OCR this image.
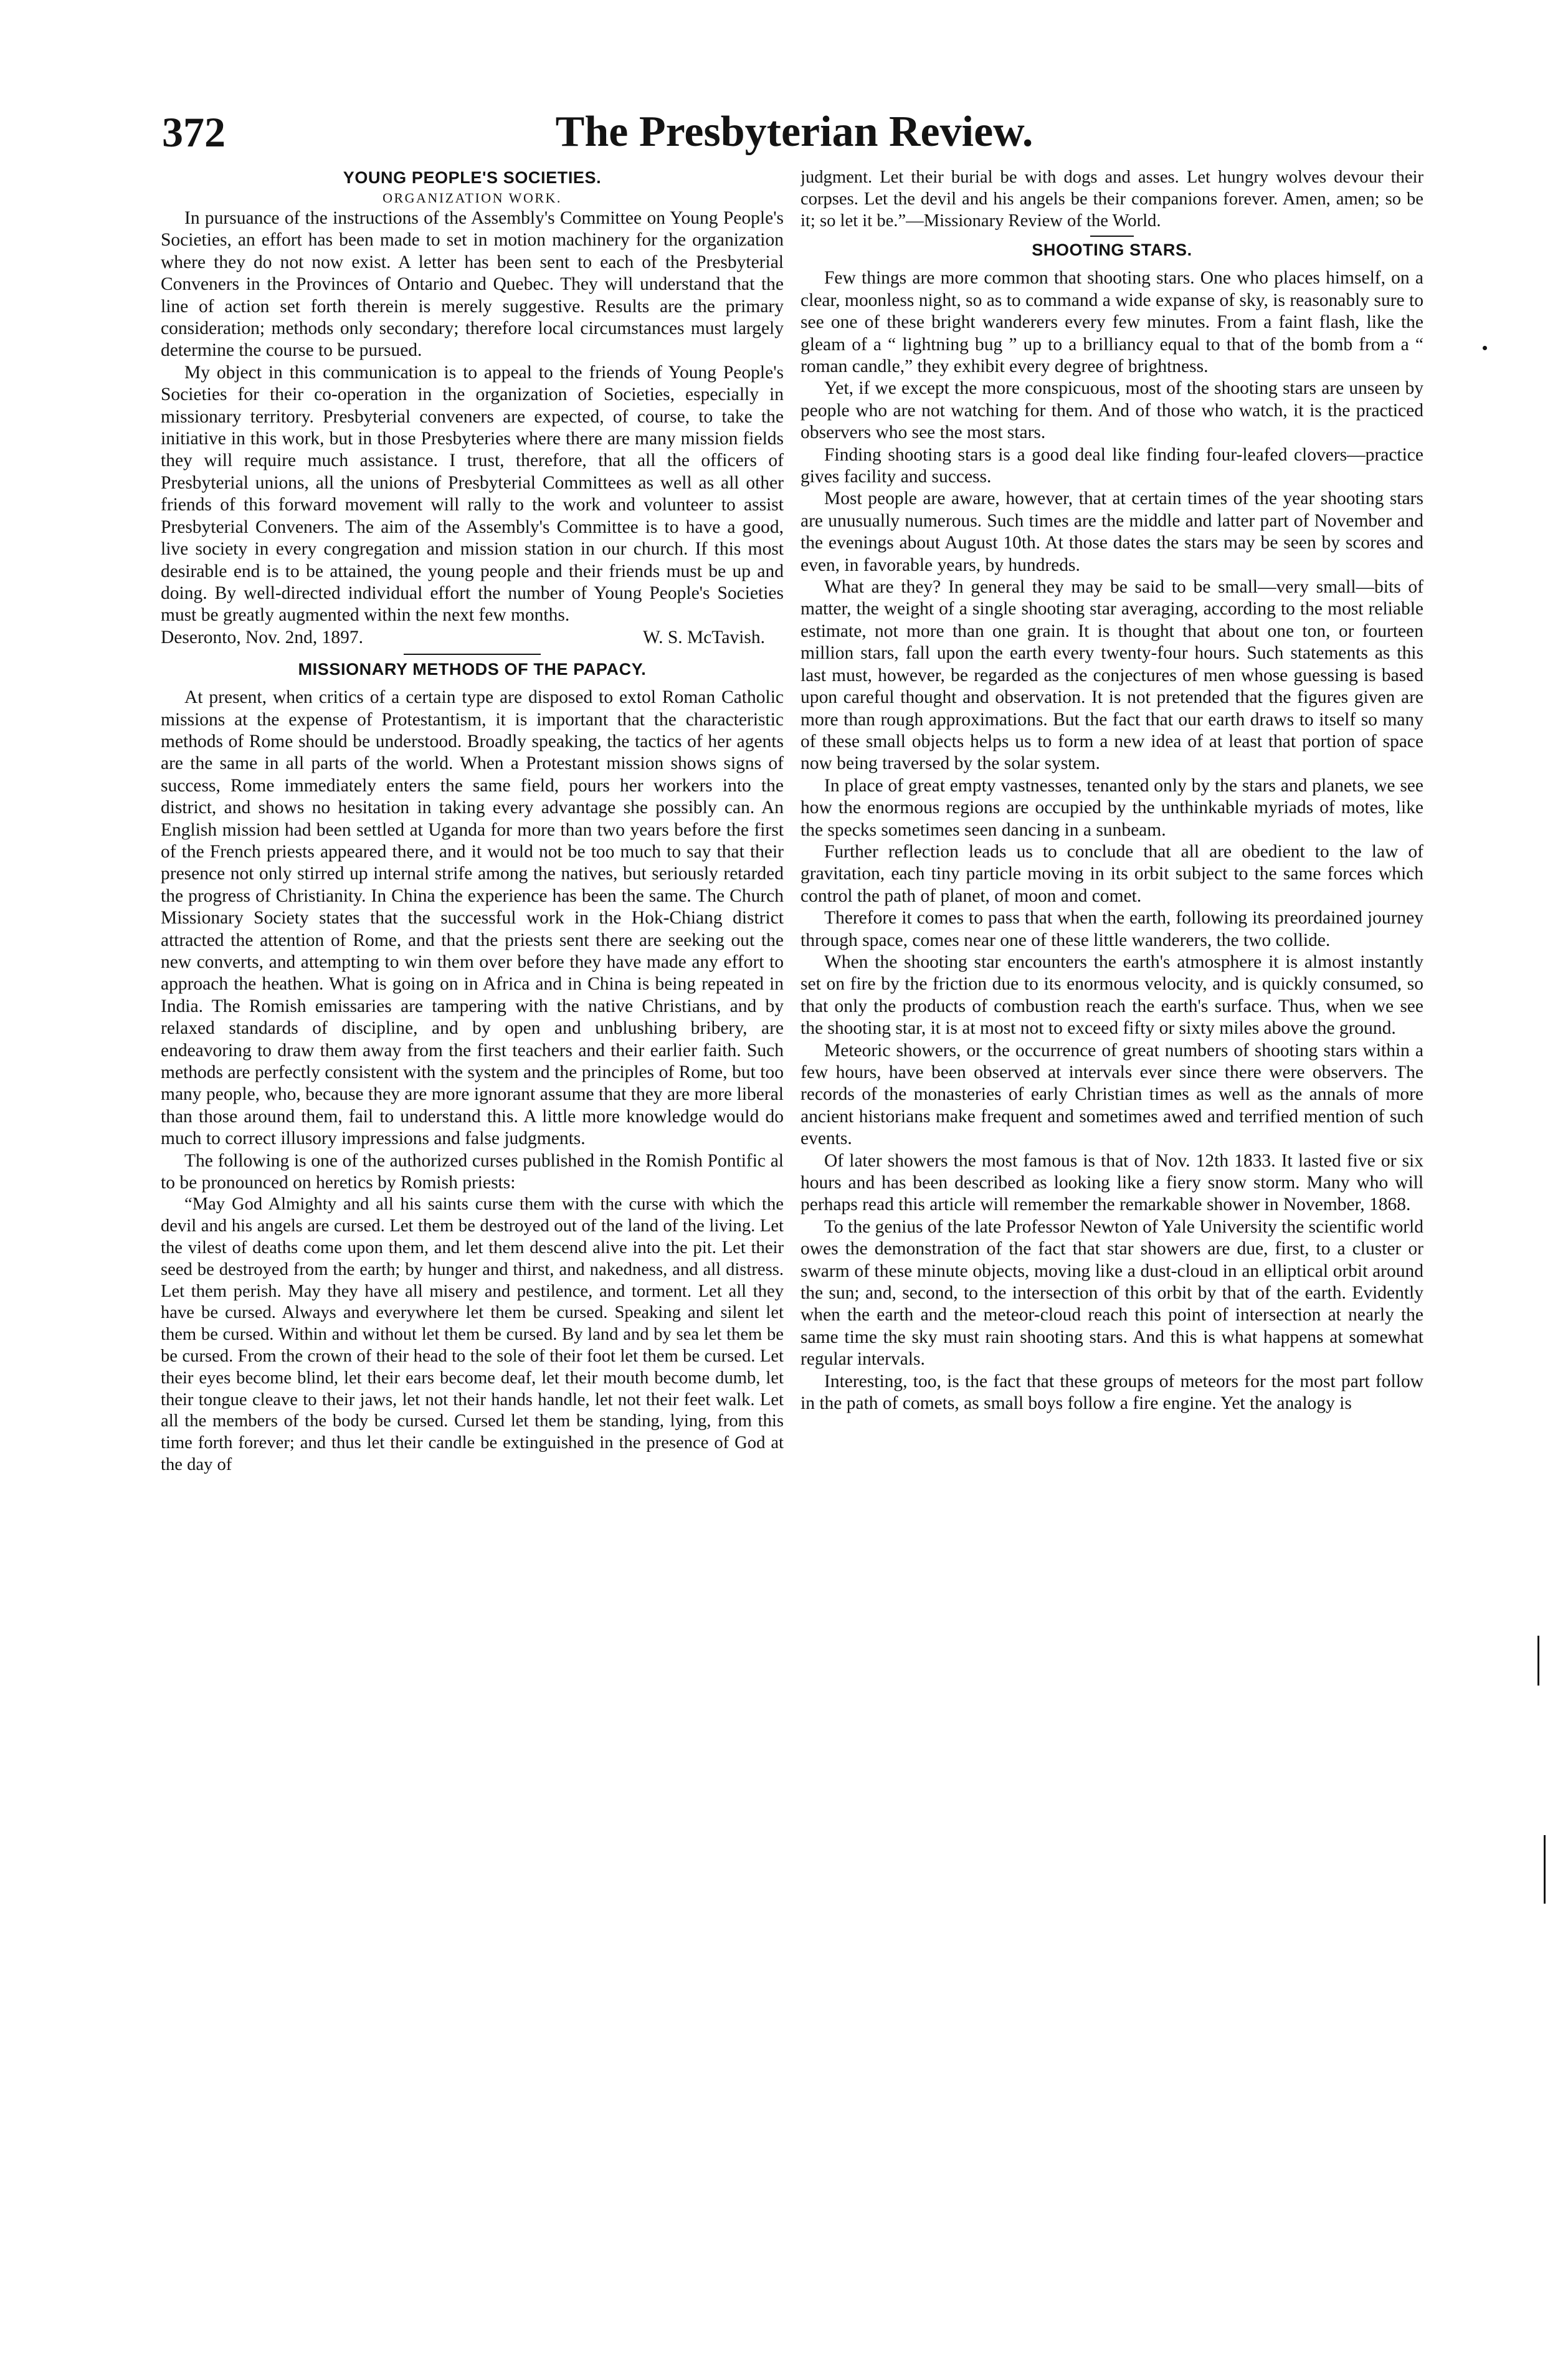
372	The Presbyterian Review.
YOUNG PEOPLE'S SOCIETIES.
ORGANIZATION WORK.

In pursuance of the instructions of the Assembly's Committee on Young People's Societies, an effort has been made to set in motion machinery for the organization where they do not now exist. A letter has been sent to each of the Presbyterial Conveners in the Provinces of Ontario and Quebec. They will understand that the line of action set forth therein is merely suggestive. Results are the primary consideration; methods only secondary; therefore local circumstances must largely determine the course to be pursued.

My object in this communication is to appeal to the friends of Young People's Societies for their co-operation in the organization of Societies, especially in missionary territory. Presbyterial conveners are expected, of course, to take the initiative in this work, but in those Presbyteries where there are many mission fields they will require much assistance. I trust, therefore, that all the officers of Presbyterial unions, all the unions of Presbyterial Committees as well as all other friends of this forward movement will rally to the work and volunteer to assist Presbyterial Conveners. The aim of the Assembly's Committee is to have a good, live society in every congregation and mission station in our church. If this most desirable end is to be attained, the young people and their friends must be up and doing. By well-directed individual effort the number of Young People's Societies must be greatly augmented within the next few months.

Deseronto, Nov. 2nd, 1897.	W. S. McTavish.
MISSIONARY METHODS OF THE PAPACY.

At present, when critics of a certain type are disposed to extol Roman Catholic missions at the expense of Protestantism, it is important that the characteristic methods of Rome should be understood. Broadly speaking, the tactics of her agents are the same in all parts of the world. When a Protestant mission shows signs of success, Rome immediately enters the same field, pours her workers into the district, and shows no hesitation in taking every advantage she possibly can. An English mission had been settled at Uganda for more than two years before the first of the French priests appeared there, and it would not be too much to say that their presence not only stirred up internal strife among the natives, but seriously retarded the progress of Christianity. In China the experience has been the same. The Church Missionary Society states that the successful work in the Hok-Chiang district attracted the attention of Rome, and that the priests sent there are seeking out the new converts, and attempting to win them over before they have made any effort to approach the heathen. What is going on in Africa and in China is being repeated in India. The Romish emissaries are tampering with the native Christians, and by relaxed standards of discipline, and by open and unblushing bribery, are endeavoring to draw them away from the first teachers and their earlier faith. Such methods are perfectly consistent with the system and the principles of Rome, but too many people, who, because they are more ignorant assume that they are more liberal than those around them, fail to understand this. A little more knowledge would do much to correct illusory impressions and false judgments.

The following is one of the authorized curses published in the Romish Pontific al to be pronounced on heretics by Romish priests:

“May God Almighty and all his saints curse them with the curse with which the devil and his angels are cursed. Let them be destroyed out of the land of the living. Let the vilest of deaths come upon them, and let them descend alive into the pit. Let their seed be destroyed from the earth; by hunger and thirst, and nakedness, and all distress. Let them perish. May they have all misery and pestilence, and torment. Let all they have be cursed. Always and everywhere let them be cursed. Speaking and silent let them be cursed. Within and without let them be cursed. By land and by sea let them be be cursed. From the crown of their head to the sole of their foot let them be cursed. Let their eyes become blind, let their ears become deaf, let their mouth become dumb, let their tongue cleave to their jaws, let not their hands handle, let not their feet walk. Let all the members of the body be cursed. Cursed let them be standing, lying, from this time forth forever; and thus let their candle be extinguished in the presence of God at the day of

judgment. Let their burial be with dogs and asses. Let hungry wolves devour their corpses. Let the devil and his angels be their companions forever. Amen, amen; so be it; so let it be.”—Missionary Review of the World.

SHOOTING STARS.

Few things are more common that shooting stars. One who places himself, on a clear, moonless night, so as to command a wide expanse of sky, is reasonably sure to see one of these bright wanderers every few minutes. From a faint flash, like the gleam of a “ lightning bug ” up to a brilliancy equal to that of the bomb from a “ roman candle,” they exhibit every degree of brightness.

Yet, if we except the more conspicuous, most of the shooting stars are unseen by people who are not watching for them. And of those who watch, it is the practiced observers who see the most stars.

Finding shooting stars is a good deal like finding four-leafed clovers—practice gives facility and success.

Most people are aware, however, that at certain times of the year shooting stars are unusually numerous. Such times are the middle and latter part of November and the evenings about August 10th. At those dates the stars may be seen by scores and even, in favorable years, by hundreds.

What are they? In general they may be said to be small—very small—bits of matter, the weight of a single shooting star averaging, according to the most reliable estimate, not more than one grain. It is thought that about one ton, or fourteen million stars, fall upon the earth every twenty-four hours. Such statements as this last must, however, be regarded as the conjectures of men whose guessing is based upon careful thought and observation. It is not pretended that the figures given are more than rough approximations. But the fact that our earth draws to itself so many of these small objects helps us to form a new idea of at least that portion of space now being traversed by the solar system.

In place of great empty vastnesses, tenanted only by the stars and planets, we see how the enormous regions are occupied by the unthinkable myriads of motes, like the specks sometimes seen dancing in a sunbeam.

Further reflection leads us to conclude that all are obedient to the law of gravitation, each tiny particle moving in its orbit subject to the same forces which control the path of planet, of moon and comet.

Therefore it comes to pass that when the earth, following its preordained journey through space, comes near one of these little wanderers, the two collide.

When the shooting star encounters the earth's atmosphere it is almost instantly set on fire by the friction due to its enormous velocity, and is quickly consumed, so that only the products of combustion reach the earth's surface. Thus, when we see the shooting star, it is at most not to exceed fifty or sixty miles above the ground.

Meteoric showers, or the occurrence of great numbers of shooting stars within a few hours, have been observed at intervals ever since there were observers. The records of the monasteries of early Christian times as well as the annals of more ancient historians make frequent and sometimes awed and terrified mention of such events.

Of later showers the most famous is that of Nov. 12th 1833. It lasted five or six hours and has been described as looking like a fiery snow storm. Many who will perhaps read this article will remember the remarkable shower in November, 1868.

To the genius of the late Professor Newton of Yale University the scientific world owes the demonstration of the fact that star showers are due, first, to a cluster or swarm of these minute objects, moving like a dust-cloud in an elliptical orbit around the sun; and, second, to the intersection of this orbit by that of the earth. Evidently when the earth and the meteor-cloud reach this point of intersection at nearly the same time the sky must rain shooting stars. And this is what happens at somewhat regular intervals.

Interesting, too, is the fact that these groups of meteors for the most part follow in the path of comets, as small boys follow a fire engine. Yet the analogy is
